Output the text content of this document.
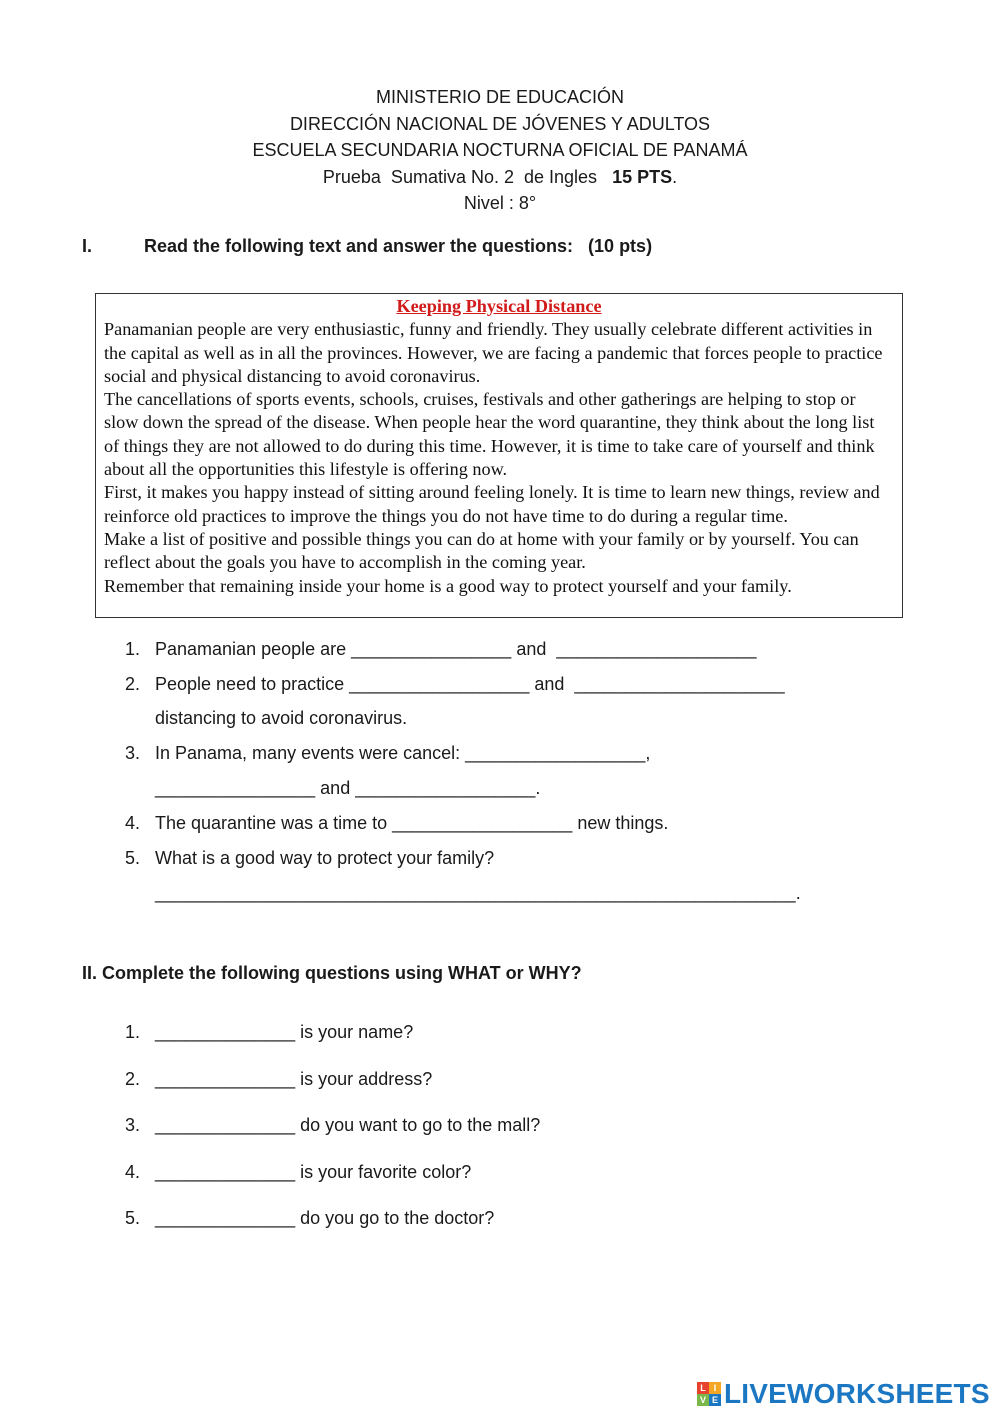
MINISTERIO DE EDUCACIÓN
DIRECCIÓN NACIONAL DE JÓVENES Y ADULTOS
ESCUELA SECUNDARIA NOCTURNA OFICIAL DE PANAMÁ
Prueba  Sumativa No. 2  de Ingles   15 PTS.
Nivel : 8°
I.	Read the following text and answer the questions:   (10 pts)
Keeping Physical Distance

Panamanian people are very enthusiastic, funny and friendly. They usually celebrate different activities in the capital as well as in all the provinces. However, we are facing a pandemic that forces people to practice social and physical distancing to avoid coronavirus.

The cancellations of sports events, schools, cruises, festivals and other gatherings are helping to stop or slow down the spread of the disease. When people hear the word quarantine, they think about the long list of things they are not allowed to do during this time. However, it is time to take care of yourself and think about all the opportunities this lifestyle is offering now.

First, it makes you happy instead of sitting around feeling lonely. It is time to learn new things, review and reinforce old practices to improve the things you do not have time to do during a regular time.

Make a list of positive and possible things you can do at home with your family or by yourself. You can reflect about the goals you have to accomplish in the coming year.

Remember that remaining inside your home is a good way to protect yourself and your family.

1. Panamanian people are ________________ and  ____________________
2. People need to practice __________________ and  _____________________
distancing to avoid coronavirus.
3. In Panama, many events were cancel: __________________,
________________ and __________________.
4. The quarantine was a time to __________________ new things.
5. What is a good way to protect your family?
________________________________________________________________.
II. Complete the following questions using WHAT or WHY?
1. ______________ is your name?
2. ______________ is your address?
3. ______________ do you want to go to the mall?
4. ______________ is your favorite color?
5. ______________ do you go to the doctor?
L I
V E LIVEWORKSHEETS
